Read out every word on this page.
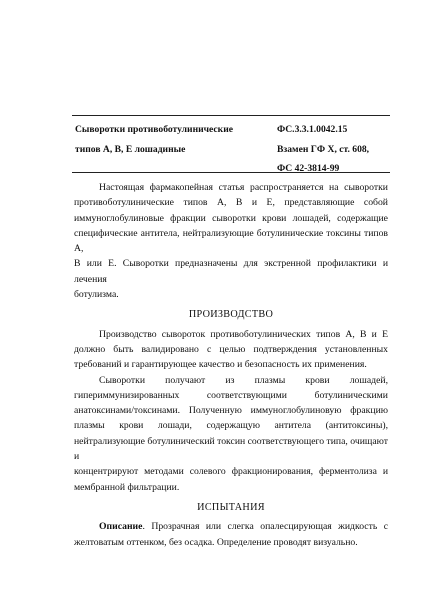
Сыворотки противоботулинические
типов А, В, Е лошадиные
ФС.3.3.1.0042.15
Взамен ГФ Х, ст. 608,
ФС 42-3814-99
Настоящая фармакопейная статья распространяется на сыворотки
противоботулинические типов А, В и Е, представляющие собой
иммуноглобулиновые фракции сыворотки крови лошадей, содержащие
специфические антитела, нейтрализующие ботулинические токсины типов А,
В или Е. Сыворотки предназначены для экстренной профилактики и лечения
ботулизма.
ПРОИЗВОДСТВО
Производство сывороток противоботулинических типов А, В и Е
должно быть валидировано с целью подтверждения установленных
требований и гарантирующее качество и безопасность их применения.
Сыворотки получают из плазмы крови лошадей,
гипериммунизированных соответствующими ботулиническими
анатоксинами/токсинами. Полученную иммуноглобулиновую фракцию
плазмы крови лошади, содержащую антитела (антитоксины),
нейтрализующие ботулинический токсин соответствующего типа, очищают и
концентрируют методами солевого фракционирования, ферментолиза и
мембранной фильтрации.
ИСПЫТАНИЯ
Описание. Прозрачная или слегка опалесцирующая жидкость с
желтоватым оттенком, без осадка. Определение проводят визуально.
